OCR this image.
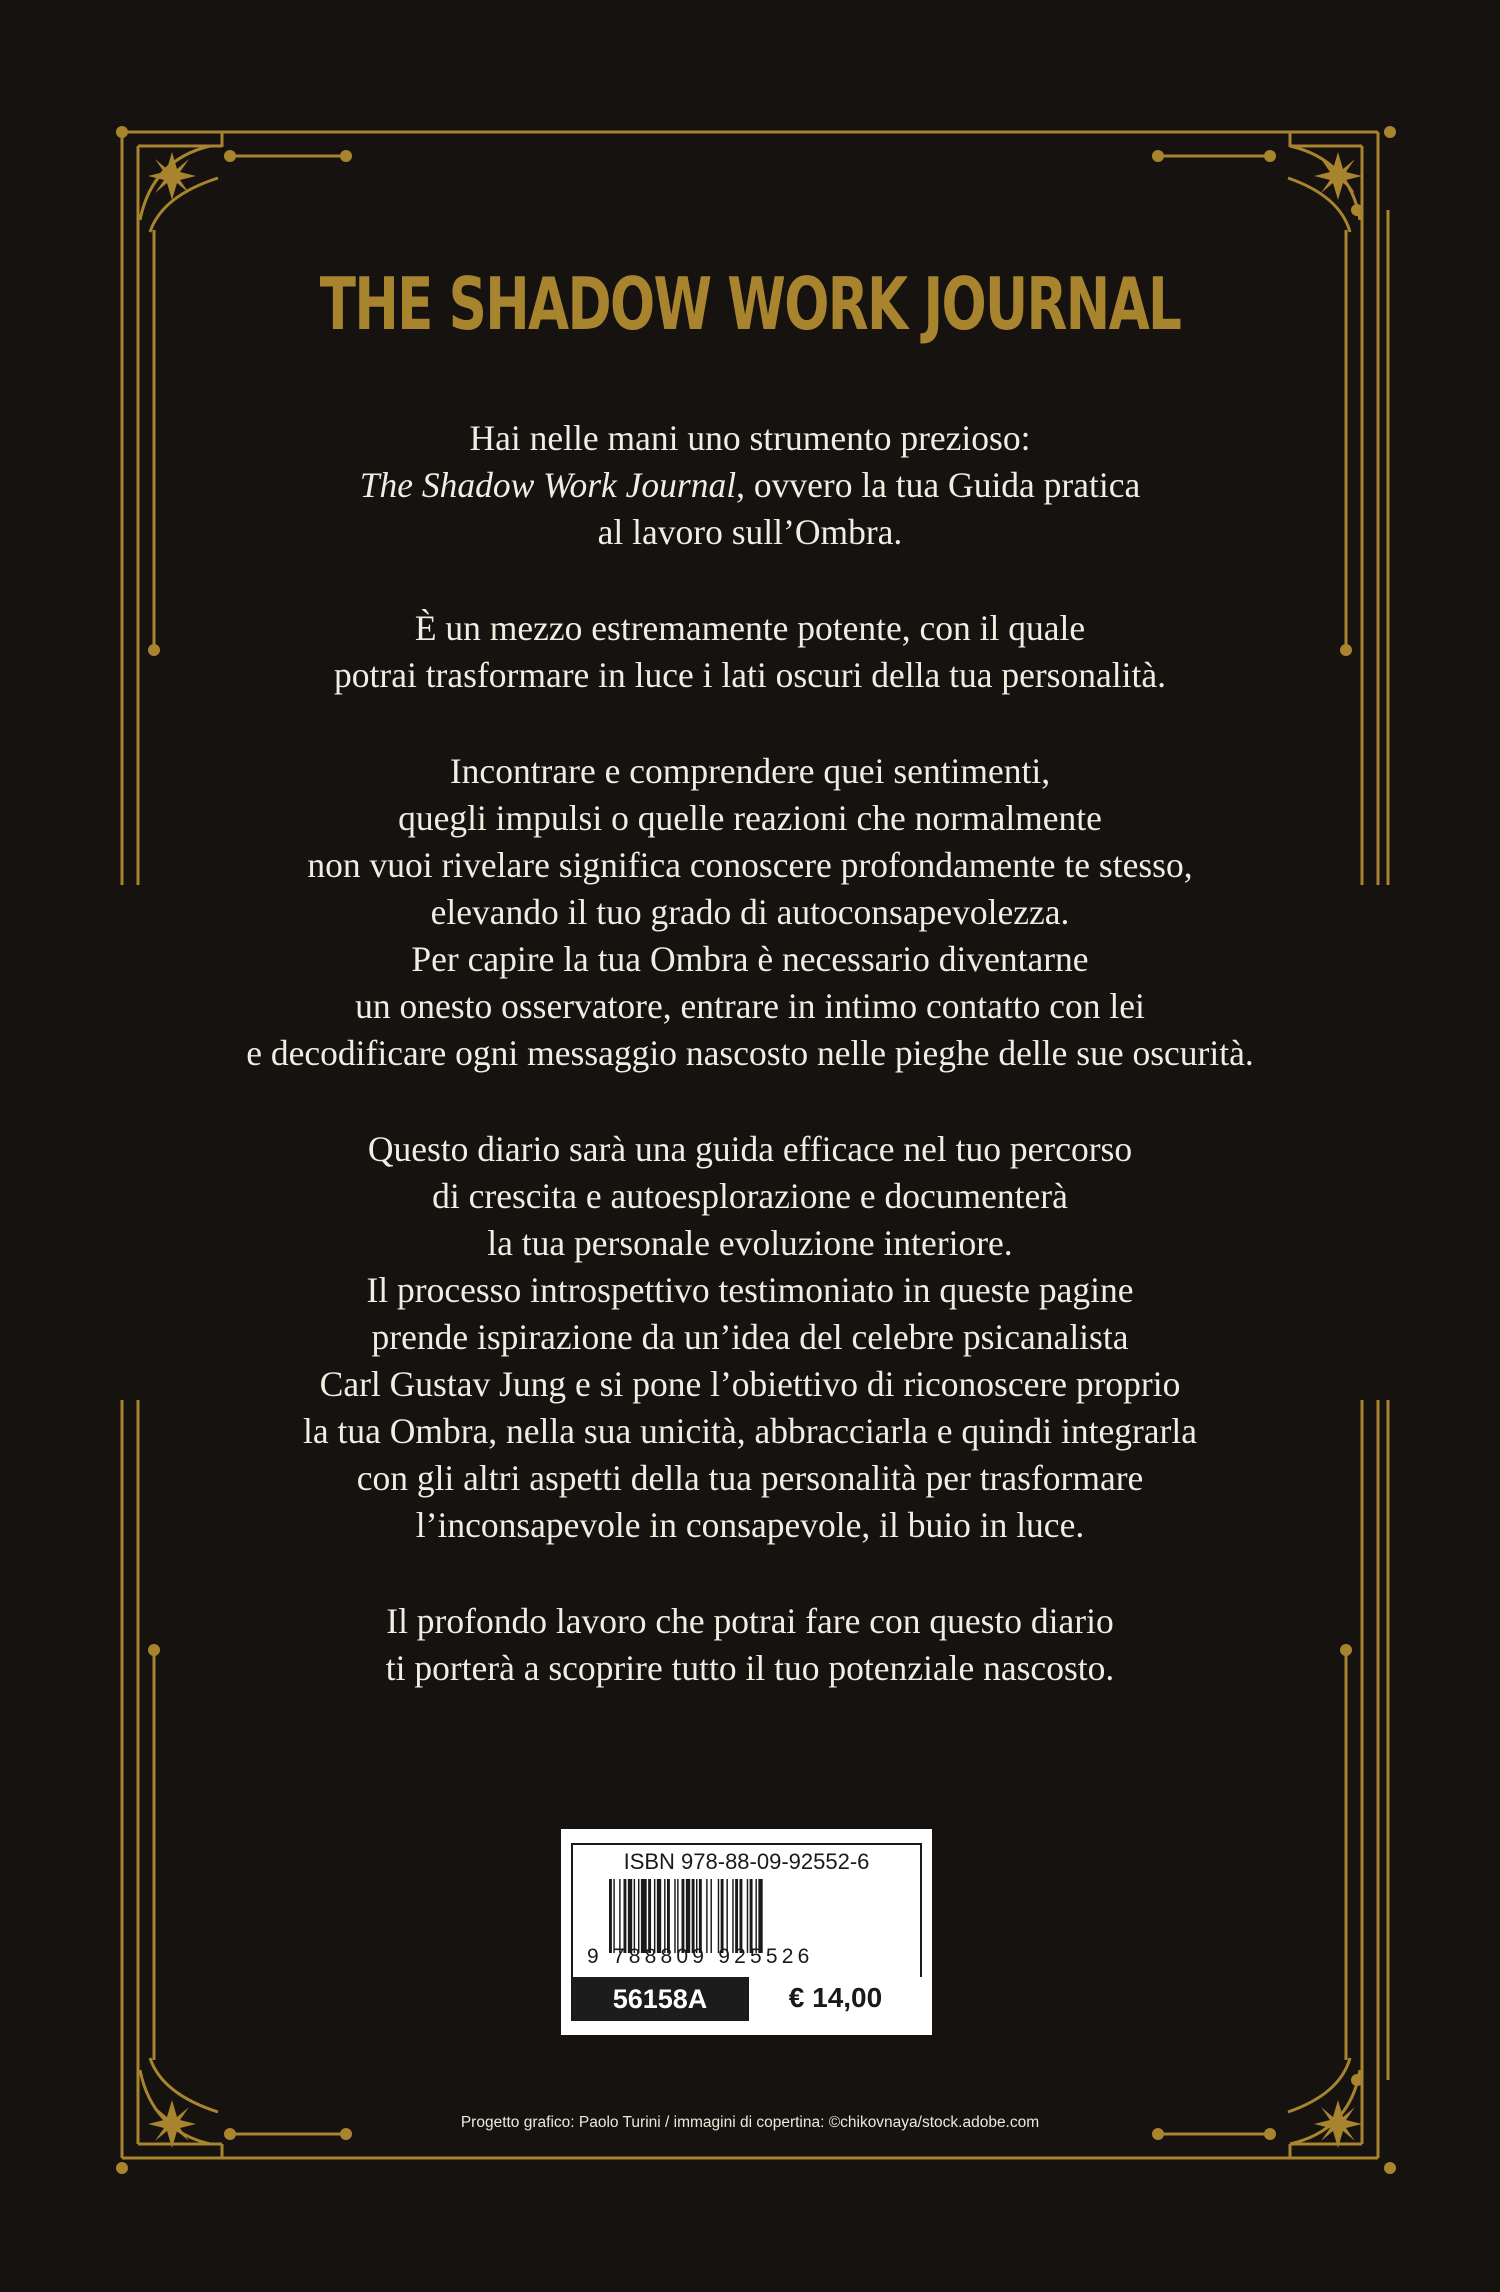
THE SHADOW WORK JOURNAL

Hai nelle mani uno strumento prezioso:
The Shadow Work Journal, ovvero la tua Guida pratica
al lavoro sull’Ombra.

È un mezzo estremamente potente, con il quale
potrai trasformare in luce i lati oscuri della tua personalità.

Incontrare e comprendere quei sentimenti,
quegli impulsi o quelle reazioni che normalmente
non vuoi rivelare significa conoscere profondamente te stesso,
elevando il tuo grado di autoconsapevolezza.
Per capire la tua Ombra è necessario diventarne
un onesto osservatore, entrare in intimo contatto con lei
e decodificare ogni messaggio nascosto nelle pieghe delle sue oscurità.

Questo diario sarà una guida efficace nel tuo percorso
di crescita e autoesplorazione e documenterà
la tua personale evoluzione interiore.
Il processo introspettivo testimoniato in queste pagine
prende ispirazione da un’idea del celebre psicanalista
Carl Gustav Jung e si pone l’obiettivo di riconoscere proprio
la tua Ombra, nella sua unicità, abbracciarla e quindi integrarla
con gli altri aspetti della tua personalità per trasformare
l’inconsapevole in consapevole, il buio in luce.

Il profondo lavoro che potrai fare con questo diario
ti porterà a scoprire tutto il tuo potenziale nascosto.

ISBN 978-88-09-92552-6
9 788809 925526
56158A	€ 14,00
Progetto grafico: Paolo Turini / immagini di copertina: ©chikovnaya/stock.adobe.com
